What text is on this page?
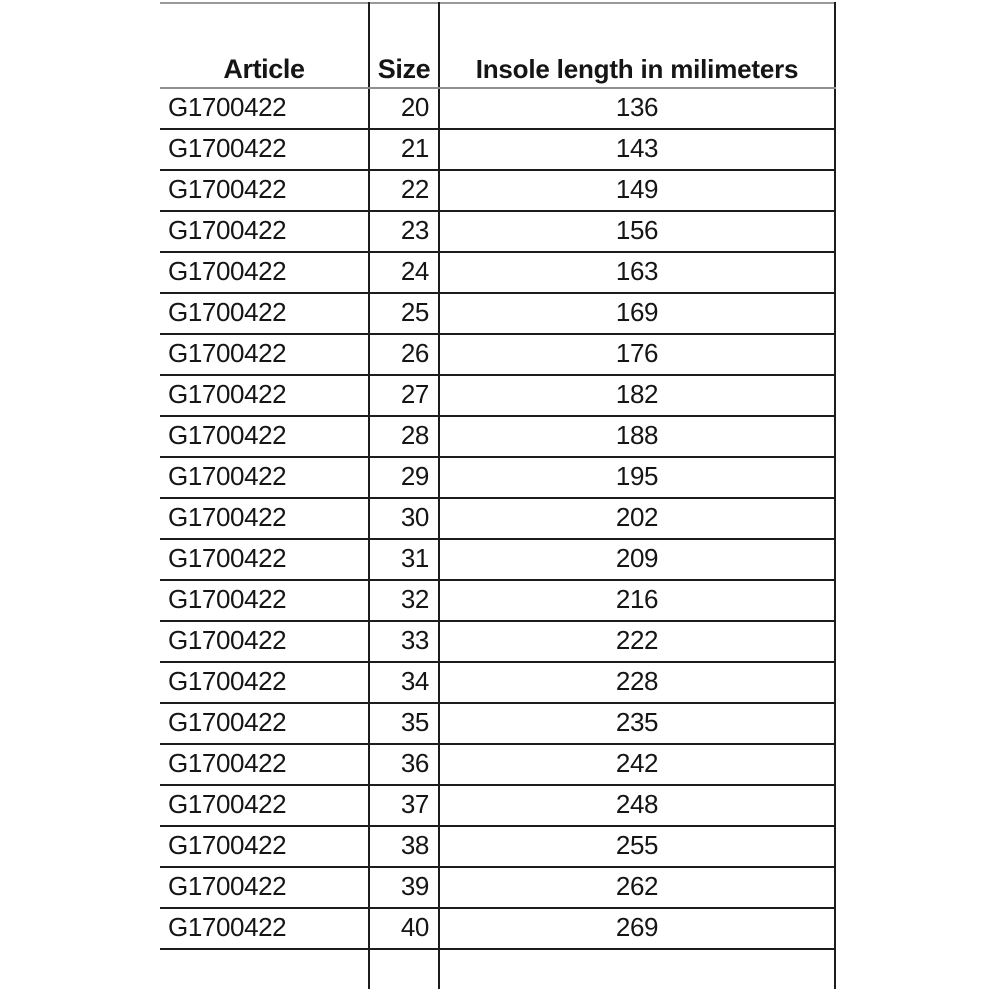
Article	Size	Insole length in milimeters
G1700422	20	136
G1700422	21	143
G1700422	22	149
G1700422	23	156
G1700422	24	163
G1700422	25	169
G1700422	26	176
G1700422	27	182
G1700422	28	188
G1700422	29	195
G1700422	30	202
G1700422	31	209
G1700422	32	216
G1700422	33	222
G1700422	34	228
G1700422	35	235
G1700422	36	242
G1700422	37	248
G1700422	38	255
G1700422	39	262
G1700422	40	269
